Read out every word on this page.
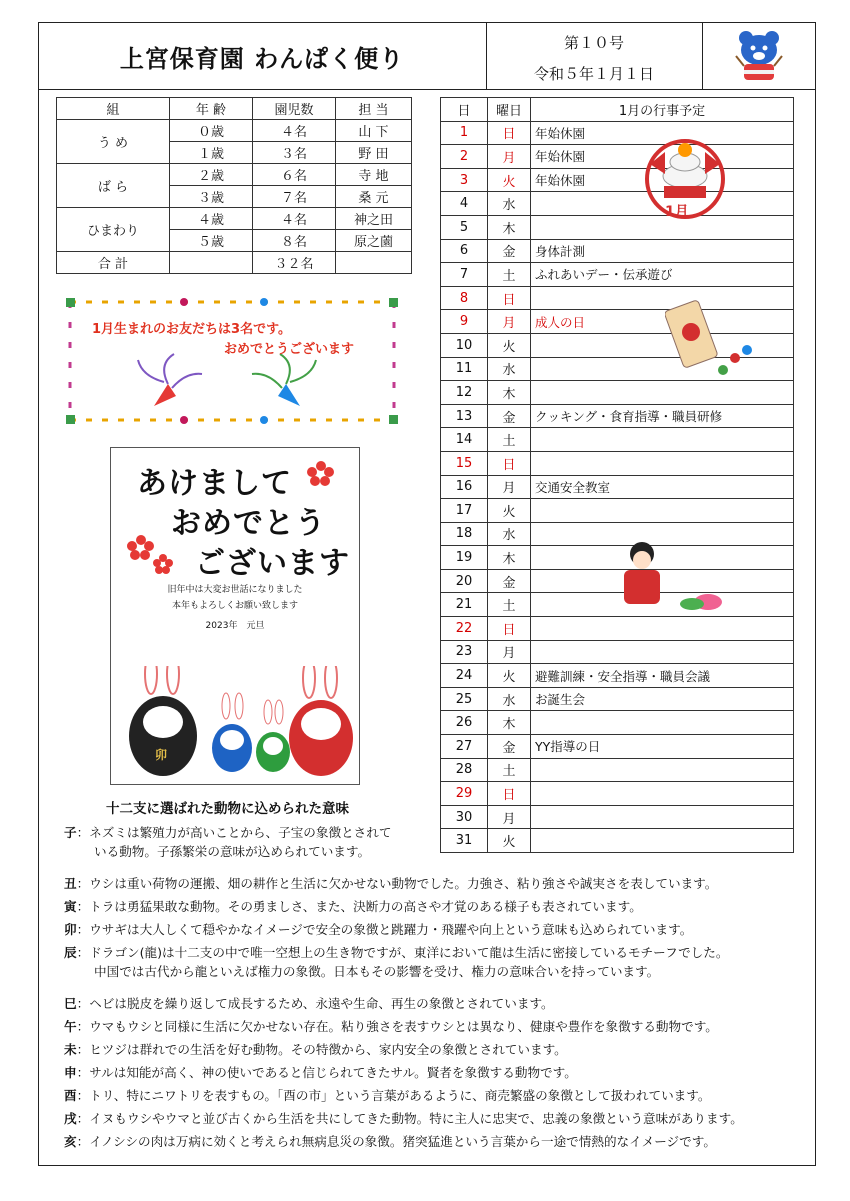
上宮保育園 わんぱく便り
第１０号
令和５年１月１日
組	年 齢	園児数	担 当
う め	０歳	４名	山 下
	１歳	３名	野 田
ば ら	２歳	６名	寺 地
	３歳	７名	桑 元
ひまわり	４歳	４名	神之田
	５歳	８名	原之薗
合 計		３２名	
1月生まれのお友だちは3名です。
おめでとうございます
あけまして
おめでとう
ございます
旧年中は大変お世話になりました
本年もよろしくお願い致します
2023年　元旦
卯
十二支に選ばれた動物に込められた意味
日	曜日	1月の行事予定
1	日	年始休園
2	月	年始休園
3	火	年始休園
4	水	
5	木	
6	金	身体計測
7	土	ふれあいデー・伝承遊び
8	日	
9	月	成人の日
10	火	
11	水	
12	木	
13	金	クッキング・食育指導・職員研修
14	土	
15	日	
16	月	交通安全教室
17	火	
18	水	
19	木	
20	金	
21	土	
22	日	
23	月	
24	火	避難訓練・安全指導・職員会議
25	水	お誕生会
26	木	
27	金	YY指導の日
28	土	
29	日	
30	月	
31	火	
1月
子：ネズミは繁殖力が高いことから、子宝の象徴とされて
いる動物。子孫繁栄の意味が込められています。
丑：ウシは重い荷物の運搬、畑の耕作と生活に欠かせない動物でした。力強さ、粘り強さや誠実さを表しています。
寅：トラは勇猛果敢な動物。その勇ましさ、また、決断力の高さや才覚のある様子も表されています。
卯：ウサギは大人しくて穏やかなイメージで安全の象徴と跳躍力・飛躍や向上という意味も込められています。
辰：ドラゴン(龍)は十二支の中で唯一空想上の生き物ですが、東洋において龍は生活に密接しているモチーフでした。
中国では古代から龍といえば権力の象徴。日本もその影響を受け、権力の意味合いを持っています。
巳：ヘビは脱皮を繰り返して成長するため、永遠や生命、再生の象徴とされています。
午：ウマもウシと同様に生活に欠かせない存在。粘り強さを表すウシとは異なり、健康や豊作を象徴する動物です。
未：ヒツジは群れでの生活を好む動物。その特徴から、家内安全の象徴とされています。
申：サルは知能が高く、神の使いであると信じられてきたサル。賢者を象徴する動物です。
酉：トリ、特にニワトリを表すもの。「酉の市」という言葉があるように、商売繁盛の象徴として扱われています。
戌：イヌもウシやウマと並び古くから生活を共にしてきた動物。特に主人に忠実で、忠義の象徴という意味があります。
亥：イノシシの肉は万病に効くと考えられ無病息災の象徴。猪突猛進という言葉から一途で情熱的なイメージです。
